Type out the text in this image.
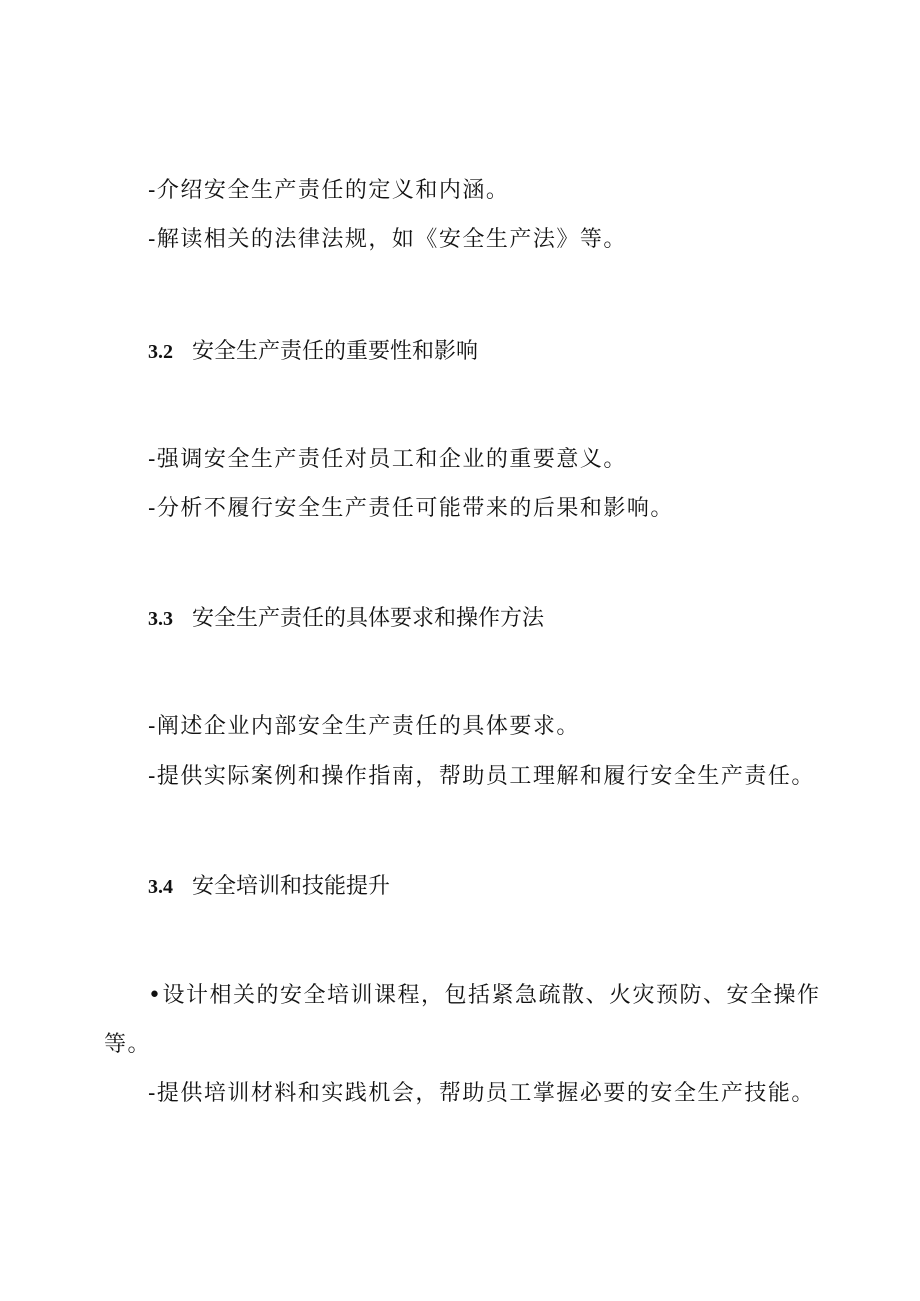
-介绍安全生产责任的定义和内涵。
-解读相关的法律法规，如《安全生产法》等。
3.2 安全生产责任的重要性和影响
-强调安全生产责任对员工和企业的重要意义。
-分析不履行安全生产责任可能带来的后果和影响。
3.3 安全生产责任的具体要求和操作方法
-阐述企业内部安全生产责任的具体要求。
-提供实际案例和操作指南，帮助员工理解和履行安全生产责任。
3.4 安全培训和技能提升
•设计相关的安全培训课程，包括紧急疏散、火灾预防、安全操作
等。
-提供培训材料和实践机会，帮助员工掌握必要的安全生产技能。
